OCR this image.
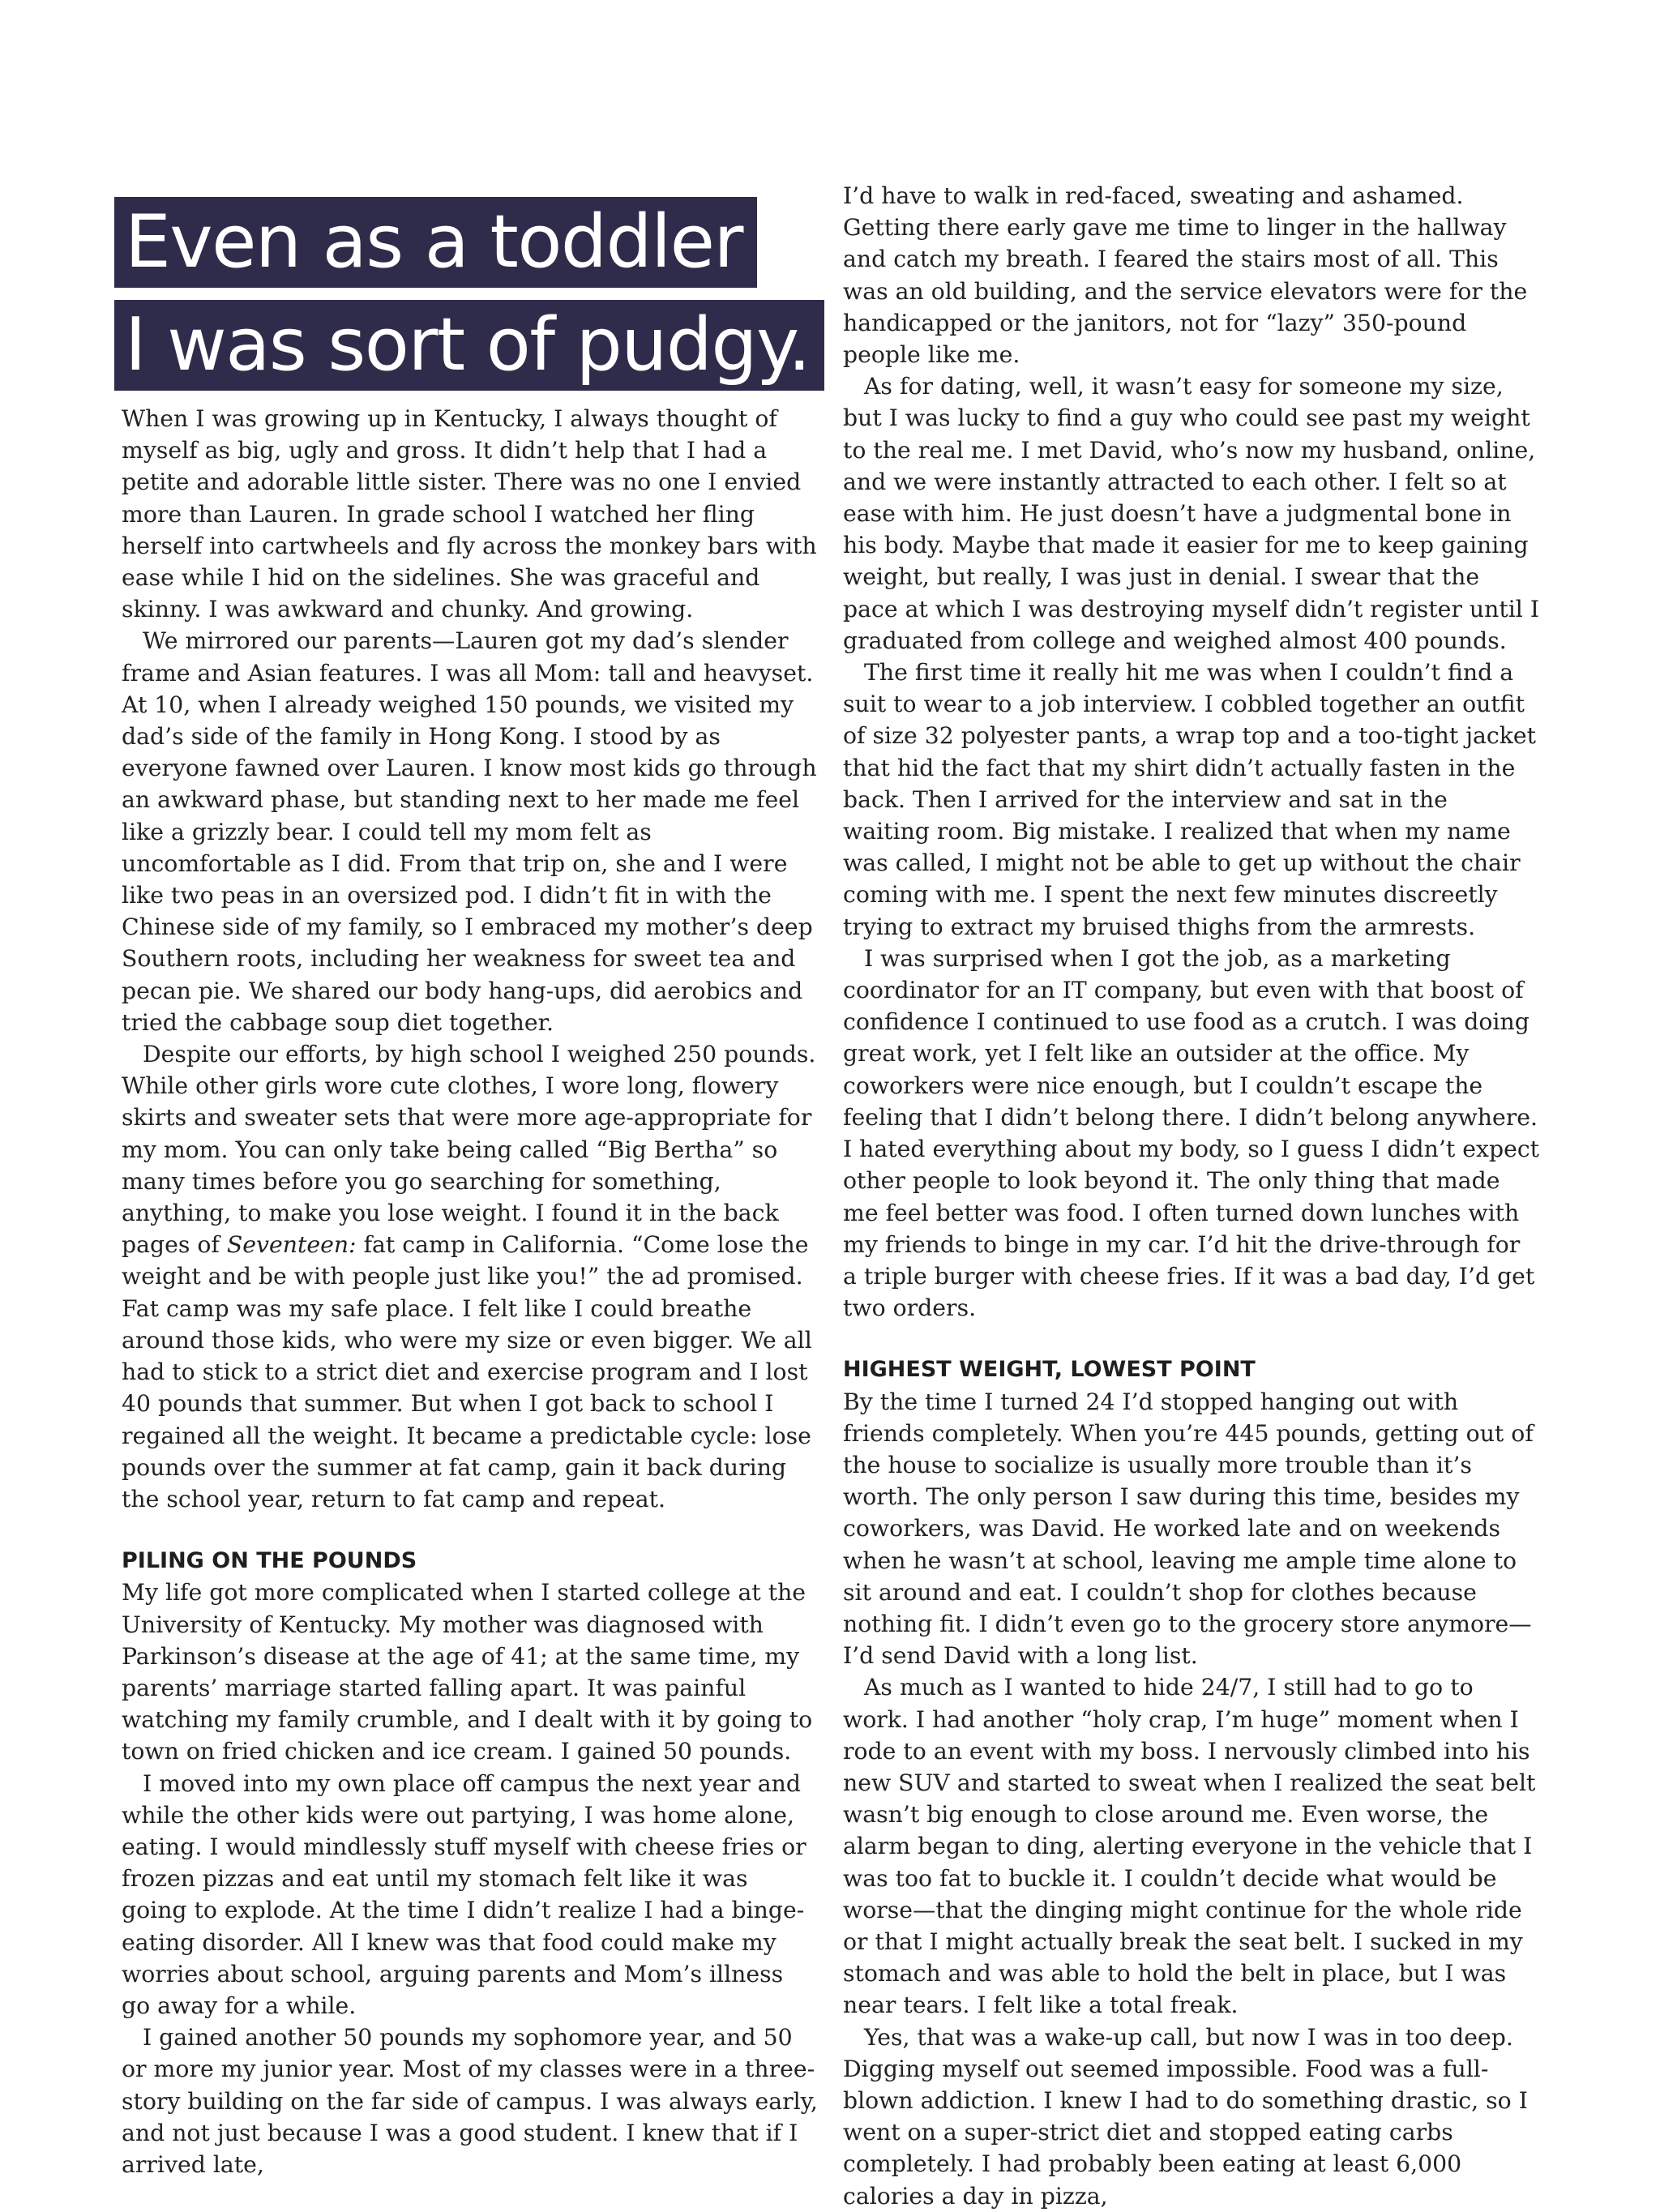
Even as a toddler
I was sort of pudgy.

When I was growing up in Kentucky, I always thought of myself as big, ugly and gross. It didn’t help that I had a petite and adorable little sister. There was no one I envied more than Lauren. In grade school I watched her fling herself into cartwheels and fly across the monkey bars with ease while I hid on the sidelines. She was graceful and skinny. I was awkward and chunky. And growing.

We mirrored our parents—Lauren got my dad’s slender frame and Asian features. I was all Mom: tall and heavyset. At 10, when I already weighed 150 pounds, we visited my dad’s side of the family in Hong Kong. I stood by as everyone fawned over Lauren. I know most kids go through an awkward phase, but standing next to her made me feel like a grizzly bear. I could tell my mom felt as uncomfortable as I did. From that trip on, she and I were like two peas in an oversized pod. I didn’t fit in with the Chinese side of my family, so I embraced my mother’s deep Southern roots, including her weakness for sweet tea and pecan pie. We shared our body hang-ups, did aerobics and tried the cabbage soup diet together.

Despite our efforts, by high school I weighed 250 pounds. While other girls wore cute clothes, I wore long, flowery skirts and sweater sets that were more age-appropriate for my mom. You can only take being called “Big Bertha” so many times before you go searching for something, anything, to make you lose weight. I found it in the back pages of Seventeen: fat camp in California. “Come lose the weight and be with people just like you!” the ad promised. Fat camp was my safe place. I felt like I could breathe around those kids, who were my size or even bigger. We all had to stick to a strict diet and exercise program and I lost 40 pounds that summer. But when I got back to school I regained all the weight. It became a predictable cycle: lose pounds over the summer at fat camp, gain it back during the school year, return to fat camp and repeat.

PILING ON THE POUNDS

My life got more complicated when I started college at the University of Kentucky. My mother was diagnosed with Parkinson’s disease at the age of 41; at the same time, my parents’ marriage started falling apart. It was painful watching my family crumble, and I dealt with it by going to town on fried chicken and ice cream. I gained 50 pounds.

I moved into my own place off campus the next year and while the other kids were out partying, I was home alone, eating. I would mindlessly stuff myself with cheese fries or frozen pizzas and eat until my stomach felt like it was going to explode. At the time I didn’t realize I had a binge-eating disorder. All I knew was that food could make my worries about school, arguing parents and Mom’s illness go away for a while.

I gained another 50 pounds my sophomore year, and 50 or more my junior year. Most of my classes were in a three-story building on the far side of campus. I was always early, and not just because I was a good student. I knew that if I arrived late,

I’d have to walk in red-faced, sweating and ashamed. Getting there early gave me time to linger in the hallway and catch my breath. I feared the stairs most of all. This was an old building, and the service elevators were for the handicapped or the janitors, not for “lazy” 350-pound people like me.

As for dating, well, it wasn’t easy for someone my size, but I was lucky to find a guy who could see past my weight to the real me. I met David, who’s now my husband, online, and we were instantly attracted to each other. I felt so at ease with him. He just doesn’t have a judgmental bone in his body. Maybe that made it easier for me to keep gaining weight, but really, I was just in denial. I swear that the pace at which I was destroying myself didn’t register until I graduated from college and weighed almost 400 pounds.

The first time it really hit me was when I couldn’t find a suit to wear to a job interview. I cobbled together an outfit of size 32 polyester pants, a wrap top and a too-tight jacket that hid the fact that my shirt didn’t actually fasten in the back. Then I arrived for the interview and sat in the waiting room. Big mistake. I realized that when my name was called, I might not be able to get up without the chair coming with me. I spent the next few minutes discreetly trying to extract my bruised thighs from the armrests.

I was surprised when I got the job, as a marketing coordinator for an IT company, but even with that boost of confidence I continued to use food as a crutch. I was doing great work, yet I felt like an outsider at the office. My coworkers were nice enough, but I couldn’t escape the feeling that I didn’t belong there. I didn’t belong anywhere. I hated everything about my body, so I guess I didn’t expect other people to look beyond it. The only thing that made me feel better was food. I often turned down lunches with my friends to binge in my car. I’d hit the drive-through for a triple burger with cheese fries. If it was a bad day, I’d get two orders.

HIGHEST WEIGHT, LOWEST POINT

By the time I turned 24 I’d stopped hanging out with friends completely. When you’re 445 pounds, getting out of the house to socialize is usually more trouble than it’s worth. The only person I saw during this time, besides my coworkers, was David. He worked late and on weekends when he wasn’t at school, leaving me ample time alone to sit around and eat. I couldn’t shop for clothes because nothing fit. I didn’t even go to the grocery store anymore—I’d send David with a long list.

As much as I wanted to hide 24/7, I still had to go to work. I had another “holy crap, I’m huge” moment when I rode to an event with my boss. I nervously climbed into his new SUV and started to sweat when I realized the seat belt wasn’t big enough to close around me. Even worse, the alarm began to ding, alerting everyone in the vehicle that I was too fat to buckle it. I couldn’t decide what would be worse—that the dinging might continue for the whole ride or that I might actually break the seat belt. I sucked in my stomach and was able to hold the belt in place, but I was near tears. I felt like a total freak.

Yes, that was a wake-up call, but now I was in too deep. Digging myself out seemed impossible. Food was a full-blown addiction. I knew I had to do something drastic, so I went on a super-strict diet and stopped eating carbs completely. I had probably been eating at least 6,000 calories a day in pizza,
